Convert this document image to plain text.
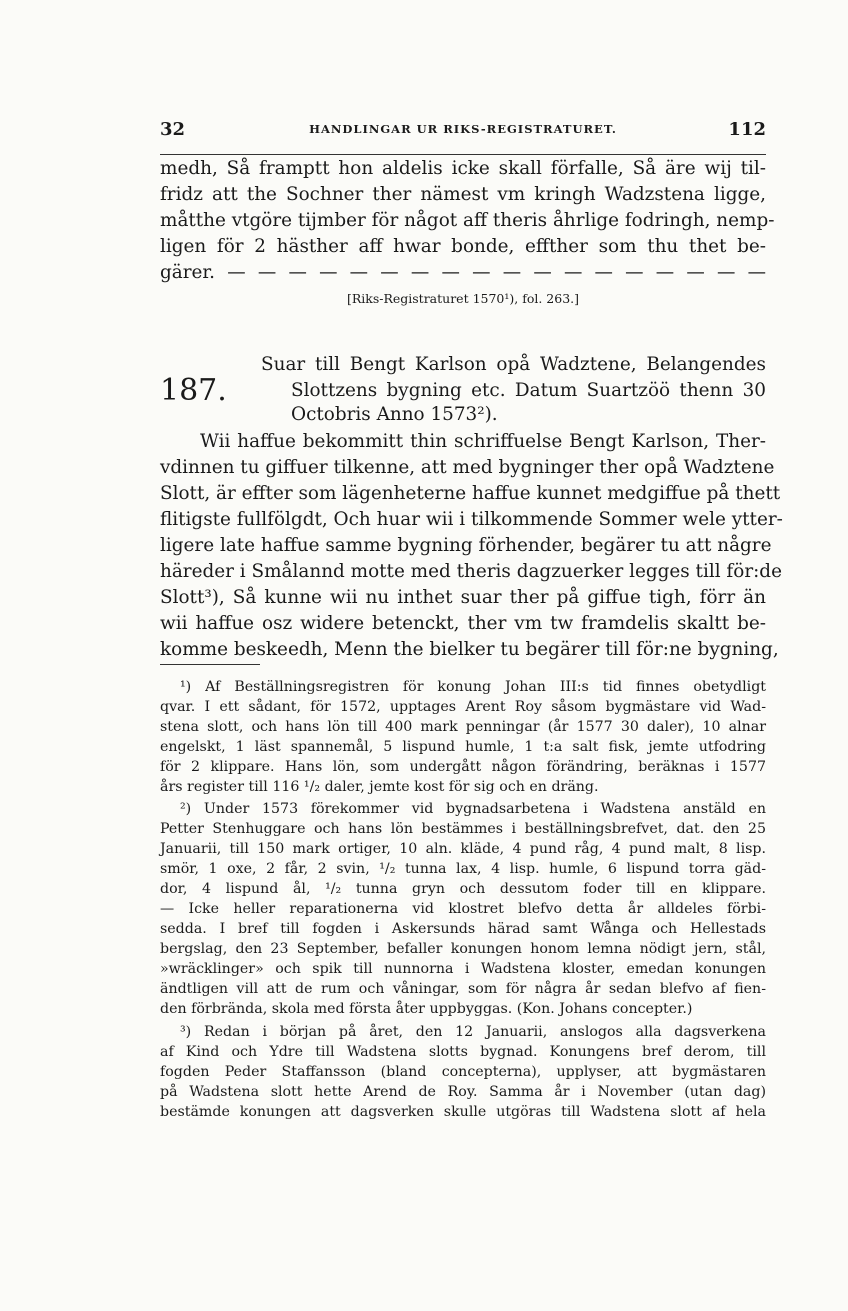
32	HANDLINGAR UR RIKS-REGISTRATURET.	112
medh, Så framptt hon aldelis icke skall förfalle, Så äre wij til-
fridz att the Sochner ther nämest vm kringh Wadzstena ligge,
måtthe vtgöre tijmber för något aff theris åhrlige fodringh, nemp-
ligen för 2 hästher aff hwar bonde, effther som thu thet be-
gärer. — — — — — — — — — — — — — — — — — —
[Riks-Registraturet 1570¹), fol. 263.]
187.
Suar till Bengt Karlson opå Wadztene, Belangendes
Slottzens bygning etc. Datum Suartzöö thenn 30
Octobris Anno 1573²).
Wii haffue bekommitt thin schriffuelse Bengt Karlson, Ther-
vdinnen tu giffuer tilkenne, att med bygninger ther opå Wadztene
Slott, är effter som lägenheterne haffue kunnet medgiffue på thett
flitigste fullfölgdt, Och huar wii i tilkommende Sommer wele ytter-
ligere late haffue samme bygning förhender, begärer tu att någre
häreder i Smålannd motte med theris dagzuerker legges till för:de
Slott³), Så kunne wii nu inthet suar ther på giffue tigh, förr än
wii haffue osz widere betenckt, ther vm tw framdelis skaltt be-
komme beskeedh, Menn the bielker tu begärer till för:ne bygning,
¹) Af Beställningsregistren för konung Johan III:s tid finnes obetydligt
qvar. I ett sådant, för 1572, upptages Arent Roy såsom bygmästare vid Wad-
stena slott, och hans lön till 400 mark penningar (år 1577 30 daler), 10 alnar
engelskt, 1 läst spannemål, 5 lispund humle, 1 t:a salt fisk, jemte utfodring
för 2 klippare. Hans lön, som undergått någon förändring, beräknas i 1577
års register till 116 ¹/₂ daler, jemte kost för sig och en dräng.
²) Under 1573 förekommer vid bygnadsarbetena i Wadstena anstäld en
Petter Stenhuggare och hans lön bestämmes i beställningsbrefvet, dat. den 25
Januarii, till 150 mark ortiger, 10 aln. kläde, 4 pund råg, 4 pund malt, 8 lisp.
smör, 1 oxe, 2 får, 2 svin, ¹/₂ tunna lax, 4 lisp. humle, 6 lispund torra gäd-
dor, 4 lispund ål, ¹/₂ tunna gryn och dessutom foder till en klippare.
— Icke heller reparationerna vid klostret blefvo detta år alldeles förbi-
sedda. I bref till fogden i Askersunds härad samt Wånga och Hellestads
bergslag, den 23 September, befaller konungen honom lemna nödigt jern, stål,
»wräcklinger» och spik till nunnorna i Wadstena kloster, emedan konungen
ändtligen vill att de rum och våningar, som för några år sedan blefvo af fien-
den förbrända, skola med första åter uppbyggas. (Kon. Johans concepter.)
³) Redan i början på året, den 12 Januarii, anslogos alla dagsverkena
af Kind och Ydre till Wadstena slotts bygnad. Konungens bref derom, till
fogden Peder Staffansson (bland concepterna), upplyser, att bygmästaren
på Wadstena slott hette Arend de Roy. Samma år i November (utan dag)
bestämde konungen att dagsverken skulle utgöras till Wadstena slott af hela
